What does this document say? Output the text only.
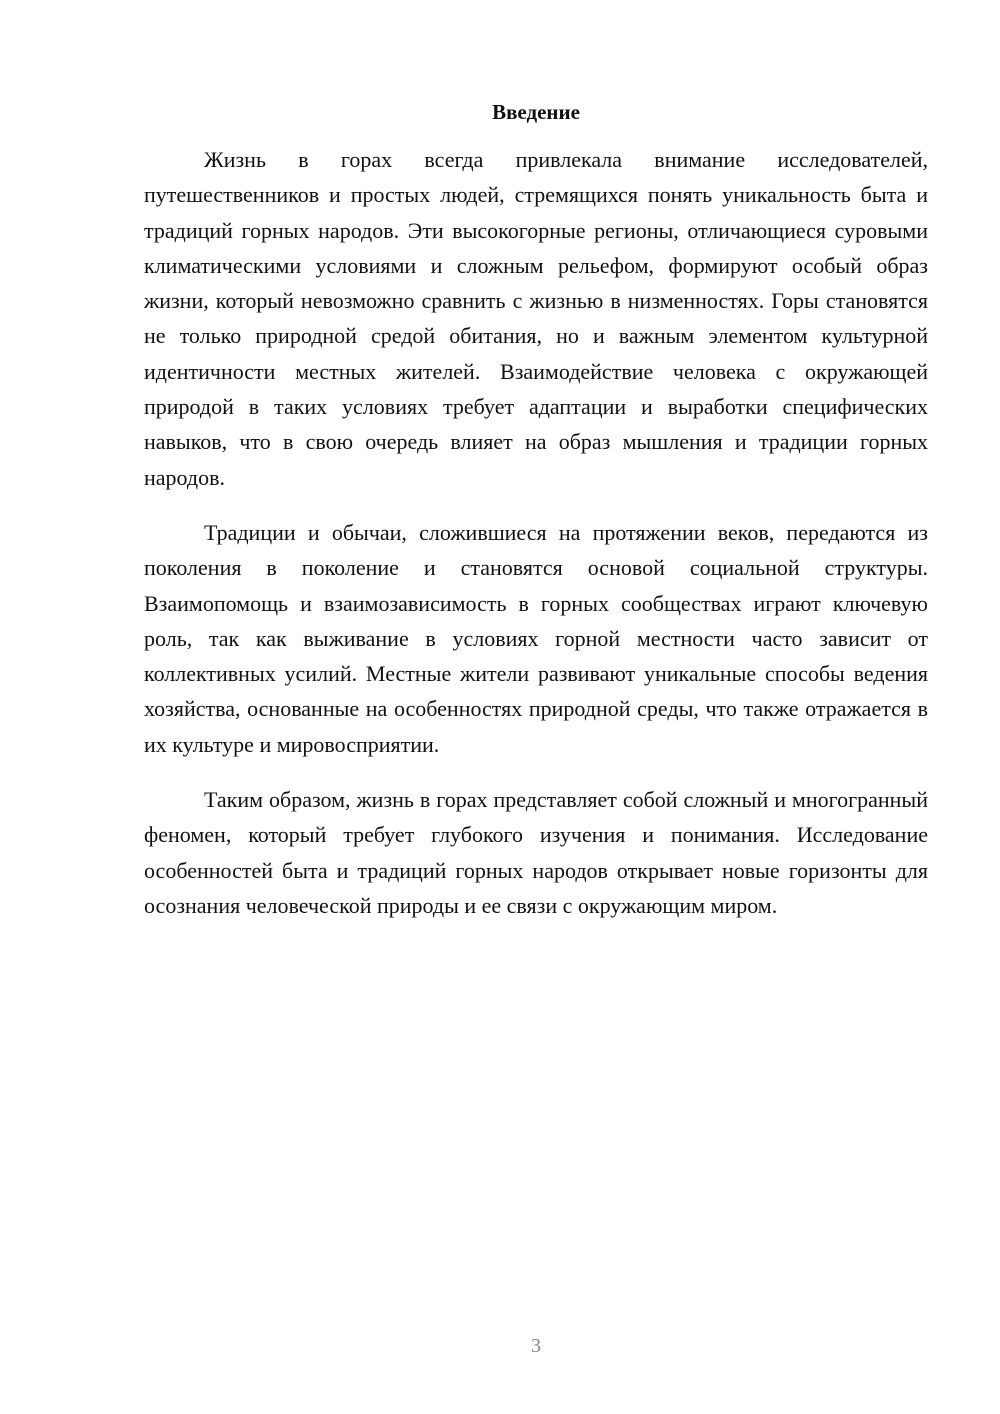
Введение

Жизнь в горах всегда привлекала внимание исследователей, путешественников и простых людей, стремящихся понять уникальность быта и традиций горных народов. Эти высокогорные регионы, отличающиеся суровыми климатическими условиями и сложным рельефом, формируют особый образ жизни, который невозможно сравнить с жизнью в низменностях. Горы становятся не только природной средой обитания, но и важным элементом культурной идентичности местных жителей. Взаимодействие человека с окружающей природой в таких условиях требует адаптации и выработки специфических навыков, что в свою очередь влияет на образ мышления и традиции горных народов.

Традиции и обычаи, сложившиеся на протяжении веков, передаются из поколения в поколение и становятся основой социальной структуры. Взаимопомощь и взаимозависимость в горных сообществах играют ключевую роль, так как выживание в условиях горной местности часто зависит от коллективных усилий. Местные жители развивают уникальные способы ведения хозяйства, основанные на особенностях природной среды, что также отражается в их культуре и мировосприятии.

Таким образом, жизнь в горах представляет собой сложный и многогранный феномен, который требует глубокого изучения и понимания. Исследование особенностей быта и традиций горных народов открывает новые горизонты для осознания человеческой природы и ее связи с окружающим миром.

3
